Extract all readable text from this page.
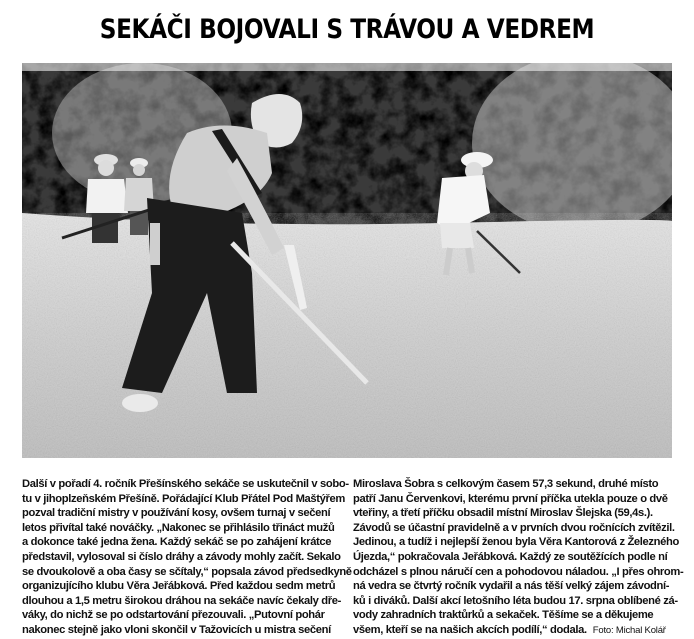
SEKÁČI BOJOVALI S TRÁVOU A VEDREM

Další v pořadí 4. ročník Přešínského sekáče se uskutečnil v sobo-

tu v jihoplzeňském Přešíně. Pořádající Klub Přátel Pod Maštýřem

pozval tradiční mistry v používání kosy, ovšem turnaj v sečení

letos přivítal také nováčky. „Nakonec se přihlásilo třináct mužů

a dokonce také jedna žena. Každý sekáč se po zahájení krátce

představil, vylosoval si číslo dráhy a závody mohly začít. Sekalo

se dvoukolově a oba časy se sčítaly,“ popsala závod předsedkyně

organizujícího klubu Věra Jeřábková. Před každou sedm metrů

dlouhou a 1,5 metru širokou dráhou na sekáče navíc čekaly dře-

váky, do nichž se po odstartování přezouvali. „Putovní pohár

nakonec stejně jako vloni skončil v Tažovicích u mistra sečení

Miroslava Šobra s celkovým časem 57,3 sekund, druhé místo

patří Janu Červenkovi, kterému první příčka utekla pouze o dvě

vteřiny, a třetí příčku obsadil místní Miroslav Šlejska (59,4s.).

Závodů se účastní pravidelně a v prvních dvou ročnících zvítězil.

Jedinou, a tudíž i nejlepší ženou byla Věra Kantorová z Železného

Újezda,“ pokračovala Jeřábková. Každý ze soutěžících podle ní

odcházel s plnou náručí cen a pohodovou náladou. „I přes ohrom-

ná vedra se čtvrtý ročník vydařil a nás těší velký zájem závodní-

ků i diváků. Další akcí letošního léta budou 17. srpna oblíbené zá-

vody zahradních traktůrků a sekaček. Těšíme se a děkujeme

všem, kteří se na našich akcích podílí,“ dodala. Foto: Michal Kolář
